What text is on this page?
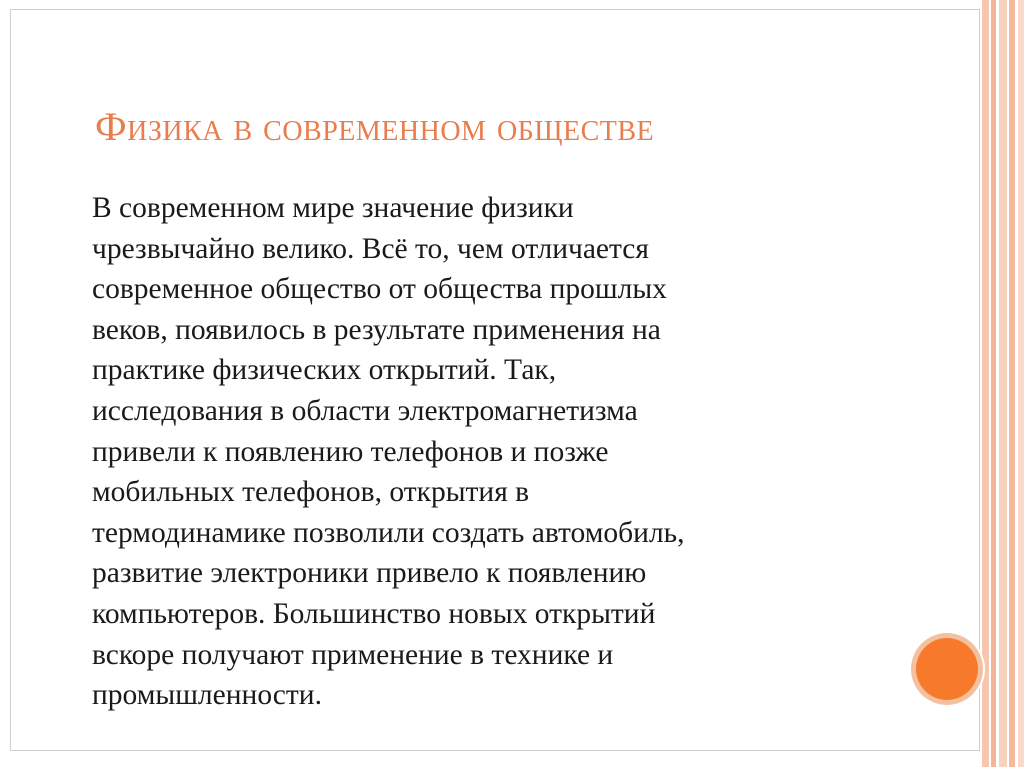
Физика в современном обществе

В современном мире значение физики
чрезвычайно велико. Всё то, чем отличается
современное общество от общества прошлых
веков, появилось в результате применения на
практике физических открытий. Так,
исследования в области электромагнетизма
привели к появлению телефонов и позже
мобильных телефонов, открытия в
термодинамике позволили создать автомобиль,
развитие электроники привело к появлению
компьютеров. Большинство новых открытий
вскоре получают применение в технике и
промышленности.
